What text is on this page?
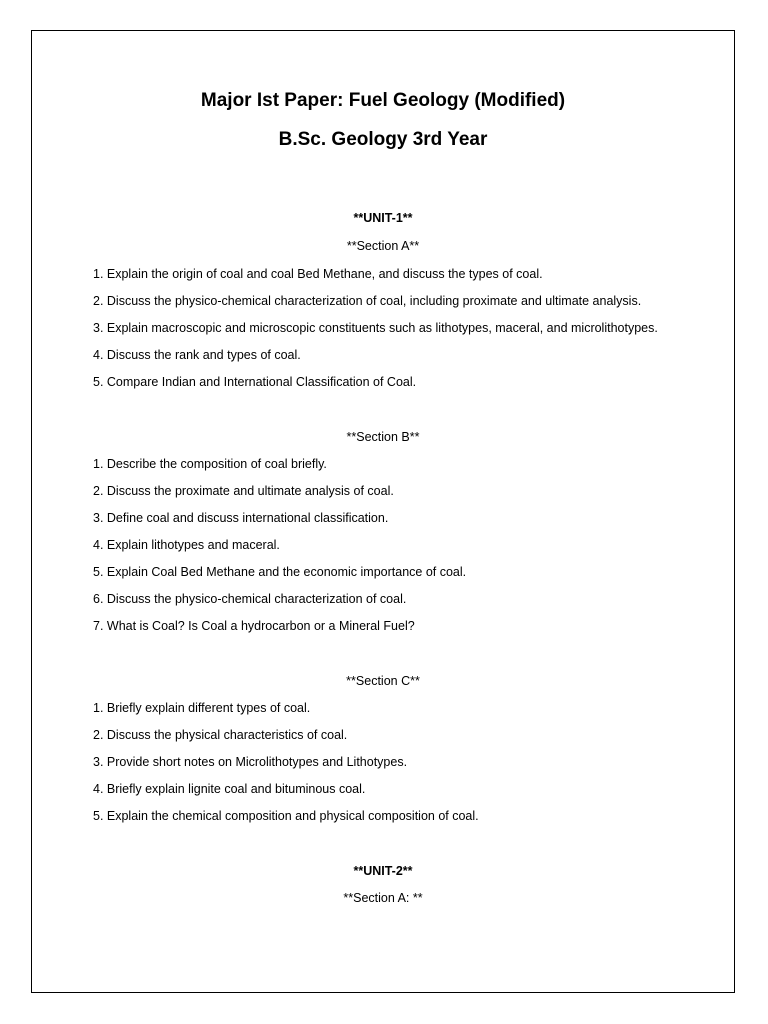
Major Ist Paper: Fuel Geology (Modified)
B.Sc. Geology 3rd Year
**UNIT-1**
**Section A**
1. Explain the origin of coal and coal Bed Methane, and discuss the types of coal.
2. Discuss the physico-chemical characterization of coal, including proximate and ultimate analysis.
3. Explain macroscopic and microscopic constituents such as lithotypes, maceral, and microlithotypes.
4. Discuss the rank and types of coal.
5. Compare Indian and International Classification of Coal.
**Section B**
1. Describe the composition of coal briefly.
2. Discuss the proximate and ultimate analysis of coal.
3. Define coal and discuss international classification.
4. Explain lithotypes and maceral.
5. Explain Coal Bed Methane and the economic importance of coal.
6. Discuss the physico-chemical characterization of coal.
7. What is Coal? Is Coal a hydrocarbon or a Mineral Fuel?
**Section C**
1. Briefly explain different types of coal.
2. Discuss the physical characteristics of coal.
3. Provide short notes on Microlithotypes and Lithotypes.
4. Briefly explain lignite coal and bituminous coal.
5. Explain the chemical composition and physical composition of coal.
**UNIT-2**
**Section A: **
